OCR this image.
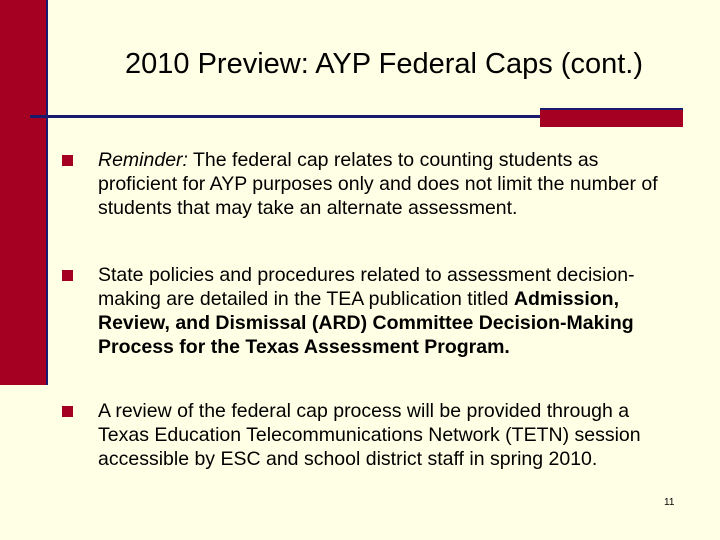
2010 Preview: AYP Federal Caps (cont.)
Reminder: The federal cap relates to counting students as proficient for AYP purposes only and does not limit the number of students that may take an alternate assessment.
State policies and procedures related to assessment decision-making are detailed in the TEA publication titled Admission, Review, and Dismissal (ARD) Committee Decision-Making Process for the Texas Assessment Program.
A review of the federal cap process will be provided through a Texas Education Telecommunications Network (TETN) session accessible by ESC and school district staff in spring 2010.
11
